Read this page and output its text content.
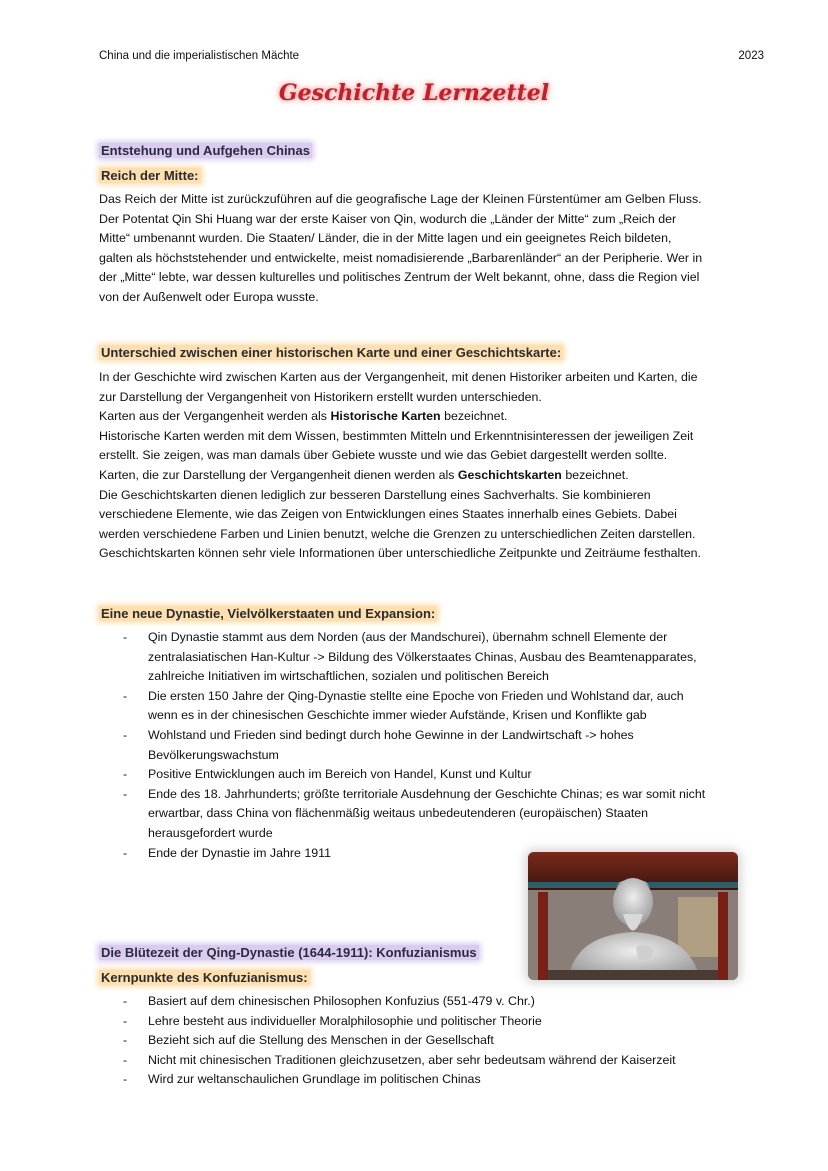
China und die imperialistischen Mächte	2023
Geschichte Lernzettel
Entstehung und Aufgehen Chinas
Reich der Mitte:

Das Reich der Mitte ist zurückzuführen auf die geografische Lage der Kleinen Fürstentümer am Gelben Fluss.

Der Potentat Qin Shi Huang war der erste Kaiser von Qin, wodurch die „Länder der Mitte“ zum „Reich der

Mitte“ umbenannt wurden. Die Staaten/ Länder, die in der Mitte lagen und ein geeignetes Reich bildeten,

galten als höchststehender und entwickelte, meist nomadisierende „Barbarenländer“ an der Peripherie. Wer in

der „Mitte“ lebte, war dessen kulturelles und politisches Zentrum der Welt bekannt, ohne, dass die Region viel

von der Außenwelt oder Europa wusste.

Unterschied zwischen einer historischen Karte und einer Geschichtskarte:

In der Geschichte wird zwischen Karten aus der Vergangenheit, mit denen Historiker arbeiten und Karten, die

zur Darstellung der Vergangenheit von Historikern erstellt wurden unterschieden.

Karten aus der Vergangenheit werden als Historische Karten bezeichnet.

Historische Karten werden mit dem Wissen, bestimmten Mitteln und Erkenntnisinteressen der jeweiligen Zeit

erstellt. Sie zeigen, was man damals über Gebiete wusste und wie das Gebiet dargestellt werden sollte.

Karten, die zur Darstellung der Vergangenheit dienen werden als Geschichtskarten bezeichnet.

Die Geschichtskarten dienen lediglich zur besseren Darstellung eines Sachverhalts. Sie kombinieren

verschiedene Elemente, wie das Zeigen von Entwicklungen eines Staates innerhalb eines Gebiets. Dabei

werden verschiedene Farben und Linien benutzt, welche die Grenzen zu unterschiedlichen Zeiten darstellen.

Geschichtskarten können sehr viele Informationen über unterschiedliche Zeitpunkte und Zeiträume festhalten.

Eine neue Dynastie, Vielvölkerstaaten und Expansion:
- Qin Dynastie stammt aus dem Norden (aus der Mandschurei), übernahm schnell Elemente der zentralasiatischen Han-Kultur -> Bildung des Völkerstaates Chinas, Ausbau des Beamtenapparates, zahlreiche Initiativen im wirtschaftlichen, sozialen und politischen Bereich
- Die ersten 150 Jahre der Qing-Dynastie stellte eine Epoche von Frieden und Wohlstand dar, auch wenn es in der chinesischen Geschichte immer wieder Aufstände, Krisen und Konflikte gab
- Wohlstand und Frieden sind bedingt durch hohe Gewinne in der Landwirtschaft -> hohes Bevölkerungswachstum
- Positive Entwicklungen auch im Bereich von Handel, Kunst und Kultur
- Ende des 18. Jahrhunderts; größte territoriale Ausdehnung der Geschichte Chinas; es war somit nicht erwartbar, dass China von flächenmäßig weitaus unbedeutenderen (europäischen) Staaten herausgefordert wurde
- Ende der Dynastie im Jahre 1911
Die Blütezeit der Qing-Dynastie (1644-1911): Konfuzianismus
Kernpunkte des Konfuzianismus:
- Basiert auf dem chinesischen Philosophen Konfuzius (551-479 v. Chr.)
- Lehre besteht aus individueller Moralphilosophie und politischer Theorie
- Bezieht sich auf die Stellung des Menschen in der Gesellschaft
- Nicht mit chinesischen Traditionen gleichzusetzen, aber sehr bedeutsam während der Kaiserzeit
- Wird zur weltanschaulichen Grundlage im politischen Chinas
